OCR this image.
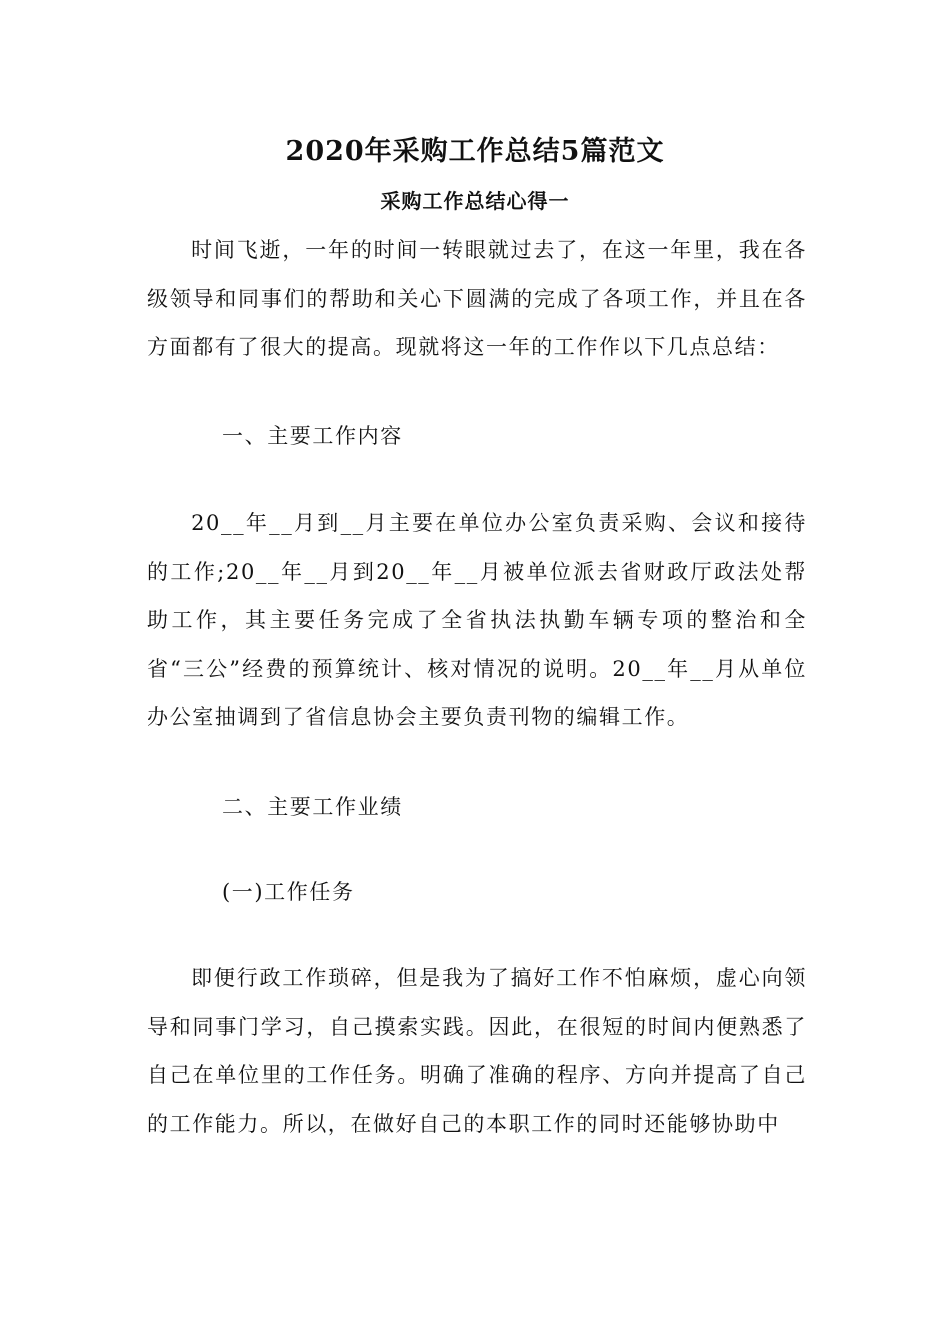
2020年采购工作总结5篇范文
采购工作总结心得一

时间飞逝，一年的时间一转眼就过去了，在这一年里，我在各级领导和同事们的帮助和关心下圆满的完成了各项工作，并且在各方面都有了很大的提高。现就将这一年的工作作以下几点总结：

一、主要工作内容

20__年__月到__月主要在单位办公室负责采购、会议和接待的工作;20__年__月到20__年__月被单位派去省财政厅政法处帮助工作，其主要任务完成了全省执法执勤车辆专项的整治和全省“三公”经费的预算统计、核对情况的说明。20__年__月从单位办公室抽调到了省信息协会主要负责刊物的编辑工作。

二、主要工作业绩

(一)工作任务

即便行政工作琐碎，但是我为了搞好工作不怕麻烦，虚心向领导和同事门学习，自己摸索实践。因此，在很短的时间内便熟悉了自己在单位里的工作任务。明确了准确的程序、方向并提高了自己的工作能力。所以，在做好自己的本职工作的同时还能够协助中
